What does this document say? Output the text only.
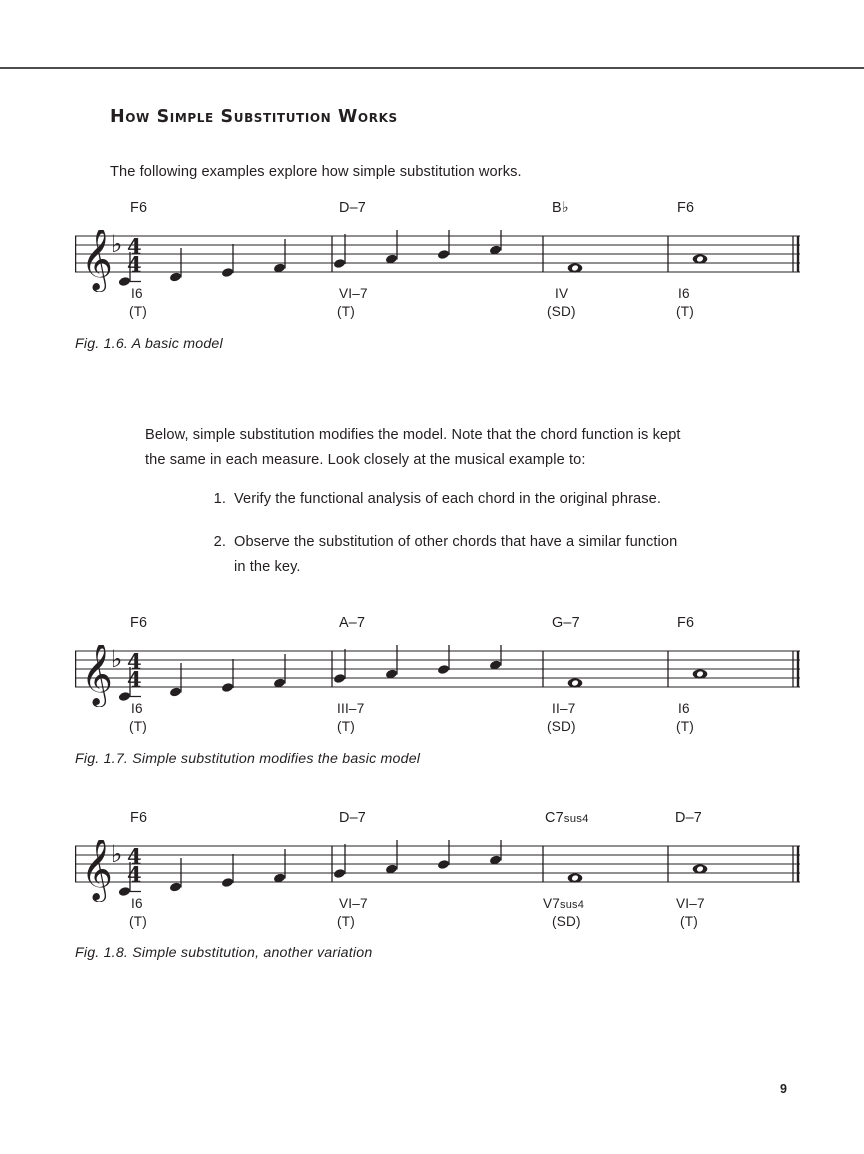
How Simple Substitution Works
The following examples explore how simple substitution works.
F6	D–7	B♭	F6
𝄞
♭ 4
4
I6	VI–7	IV	I6
(T)	(T)	(SD)	(T)
Fig. 1.6. A basic model
Below, simple substitution modifies the model. Note that the chord function is kept the same in each measure. Look closely at the musical example to:
1. Verify the functional analysis of each chord in the original phrase.
2. Observe the substitution of other chords that have a similar function in the key.
F6	A–7	G–7	F6
𝄞
♭ 4
4
I6	III–7	II–7	I6
(T)	(T)	(SD)	(T)
Fig. 1.7. Simple substitution modifies the basic model
F6	D–7	C7sus4	D–7
𝄞
♭ 4
4
I6	VI–7	V7sus4	VI–7
(T)	(T)	(SD)	(T)
Fig. 1.8. Simple substitution, another variation
9
